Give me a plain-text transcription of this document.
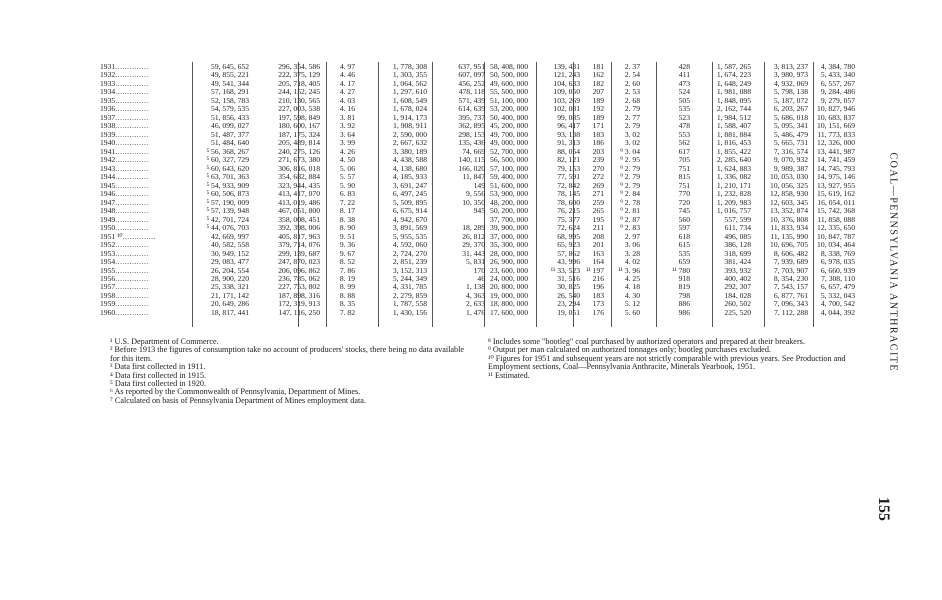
1931..............
1932..............
1933..............
1934..............
1935..............
1936..............
1937..............
1938..............
1939..............
1940..............
1941..............
1942..............
1943..............
1944..............
1945..............
1946..............
1947..............
1948..............
1949..............
1950..............
1951 ¹⁰..............
1952..............
1953..............
1954..............
1955..............
1956..............
1957..............
1958..............
1959..............
1960..............
59, 645, 652
49, 855, 221
49, 541, 344
57, 168, 291
52, 158, 783
54, 579, 535
51, 856, 433
46, 099, 027
51, 487, 377
51, 484, 640
⁵ 56, 368, 267
⁵ 60, 327, 729
⁵ 60, 643, 620
⁵ 63, 701, 363
⁵ 54, 933, 909
⁵ 60, 506, 873
⁵ 57, 190, 009
⁵ 57, 139, 948
⁵ 42, 701, 724
⁵ 44, 076, 703
42, 669, 997
40, 582, 558
30, 949, 152
29, 083, 477
26, 204, 554
28, 900, 220
25, 338, 321
21, 171, 142
20, 649, 286
18, 817, 441
296, 354, 586
222, 375, 129
205, 718, 405
244, 152, 245
210, 130, 565
227, 003, 538
197, 598, 849
180, 600, 167
187, 175, 324
205, 489, 814
240, 275, 126
271, 673, 380
306, 816, 018
354, 682, 884
323, 944, 435
413, 417, 070
413, 019, 486
467, 051, 800
358, 008, 451
392, 398, 006
405, 817, 963
379, 714, 076
299, 139, 687
247, 870, 023
206, 096, 862
236, 785, 062
227, 753, 802
187, 898, 316
172, 319, 913
147, 116, 250
4. 97
4. 46
4. 17
4. 27
4. 03
4. 16
3. 81
3. 92
3. 64
3. 99
4. 26
4. 50
5. 06
5. 57
5. 90
6. 83
7. 22
8. 17
8. 38
8. 90
9. 51
9. 36
9. 67
8. 52
7. 86
8. 19
8. 99
8. 88
8. 35
7. 82
1, 778, 308
1, 303, 355
1, 064, 562
1, 297, 610
1, 608, 549
1, 678, 024
1, 914, 173
1, 908, 911
2, 590, 000
2, 667, 632
3, 380, 189
4, 438, 588
4, 138, 680
4, 185, 933
3, 691, 247
6, 497, 245
5, 509, 895
6, 675, 914
4, 942, 670
3, 891, 569
5, 955, 535
4, 592, 060
2, 724, 270
2, 851, 239
3, 152, 313
5, 244, 349
4, 331, 785
2, 279, 859
1, 787, 558
1, 430, 156
637, 951
607, 097
456, 252
478, 118
571, 439
614, 639
395, 737
362, 895
298, 153
135, 436
74, 669
140, 115
166, 020
11, 847
149
9, 556
10, 350
945
18, 289
26, 812
29, 370
31, 443
5, 831
170
46
1, 138
4, 363
2, 633
1, 476
58, 408, 000
50, 500, 000
49, 600, 000
55, 500, 000
51, 100, 000
53, 200, 000
50, 400, 000
45, 200, 000
49, 700, 000
49, 000, 000
52, 700, 000
56, 500, 000
57, 100, 000
59, 400, 000
51, 600, 000
53, 900, 000
48, 200, 000
50, 200, 000
37, 700, 000
39, 900, 000
37, 000, 000
35, 300, 000
28, 000, 000
26, 900, 000
23, 600, 000
24, 000, 000
20, 800, 000
19, 000, 000
18, 800, 000
17, 600, 000
139, 431
121, 243
104, 633
109, 050
103, 269
102, 081
99, 085
96, 417
93, 138
91, 313
88, 054
82, 121
79, 153
77, 591
72, 842
78, 145
78, 600
76, 215
75, 377
72, 624
68, 995
65, 923
57, 862
43, 996
¹¹ 33, 523
31, 516
30, 825
26, 540
23, 294
19, 051
181
162
182
207
189
192
189
171
183
186
203
239
270
272
269
271
259
265
195
211
208
201
163
164
¹¹ 197
216
196
183
173
176
2. 37
2. 54
2. 60
2. 53
2. 68
2. 79
2. 77
2. 79
3. 02
3. 02
⁹ 3. 04
⁹ 2. 95
⁹ 2. 79
⁹ 2. 79
⁹ 2. 79
⁹ 2. 84
⁹ 2. 78
⁹ 2. 81
⁹ 2. 87
⁹ 2. 83
2. 97
3. 06
3. 28
4. 02
¹¹ 3. 96
4. 25
4. 18
4. 30
5. 12
5. 60
428
411
473
524
505
535
523
478
553
562
617
705
751
815
751
770
720
745
560
597
618
615
535
659
¹¹ 780
918
819
798
886
986
1, 587, 265
1, 674, 223
1, 648, 249
1, 981, 088
1, 848, 095
2, 162, 744
1, 984, 512
1, 588, 407
1, 881, 884
1, 816, 453
1, 855, 422
2, 285, 640
1, 624, 883
1, 336, 082
1, 210, 171
1, 232, 828
1, 209, 983
1, 016, 757
557, 599
611, 734
496, 085
386, 128
318, 699
381, 424
393, 932
400, 402
292, 307
184, 028
260, 502
225, 520
3, 813, 237
3, 980, 973
4, 932, 069
5, 798, 138
5, 187, 072
6, 203, 267
5, 686, 018
5, 095, 341
5, 486, 479
5, 665, 731
7, 316, 574
9, 070, 932
9, 989, 387
10, 053, 030
10, 056, 325
12, 858, 930
12, 603, 345
13, 352, 874
10, 376, 808
11, 833, 934
11, 135, 990
10, 696, 705
8, 606, 482
7, 939, 689
7, 703, 907
8, 354, 230
7, 543, 157
6, 877, 761
7, 096, 343
7, 112, 288
4, 384, 780
5, 433, 340
6, 557, 267
9, 284, 486
9, 279, 057
10, 827, 946
10, 683, 837
10, 151, 669
11, 773, 833
12, 326, 000
13, 441, 987
14, 741, 459
14, 745, 793
14, 975, 146
13, 927, 955
15, 619, 162
16, 054, 011
15, 742, 368
11, 858, 088
12, 335, 650
10, 847, 787
10, 034, 464
8, 338, 769
6, 978, 035
6, 660, 939
7, 308, 110
6, 657, 479
5, 332, 043
4, 700, 542
4, 044, 392

¹ U.S. Department of Commerce.

² Before 1913 the figures of consumption take no account of producers' stocks, there being no data available for this item.

³ Data first collected in 1911.

⁴ Data first collected in 1915.

⁵ Data first collected in 1920.

⁶ As reported by the Commonwealth of Pennsylvania, Department of Mines.

⁷ Calculated on basis of Pennsylvania Department of Mines employment data.

⁸ Includes some "bootleg" coal purchased by authorized operators and prepared at their breakers.

⁹ Output per man calculated on authorized tonnages only; bootleg purchases excluded.

¹⁰ Figures for 1951 and subsequent years are not strictly comparable with previous years. See Production and Employment sections, Coal—Pennsylvania Anthracite, Minerals Yearbook, 1951.

¹¹ Estimated.

COAL—PENNSYLVANIA ANTHRACITE
155
